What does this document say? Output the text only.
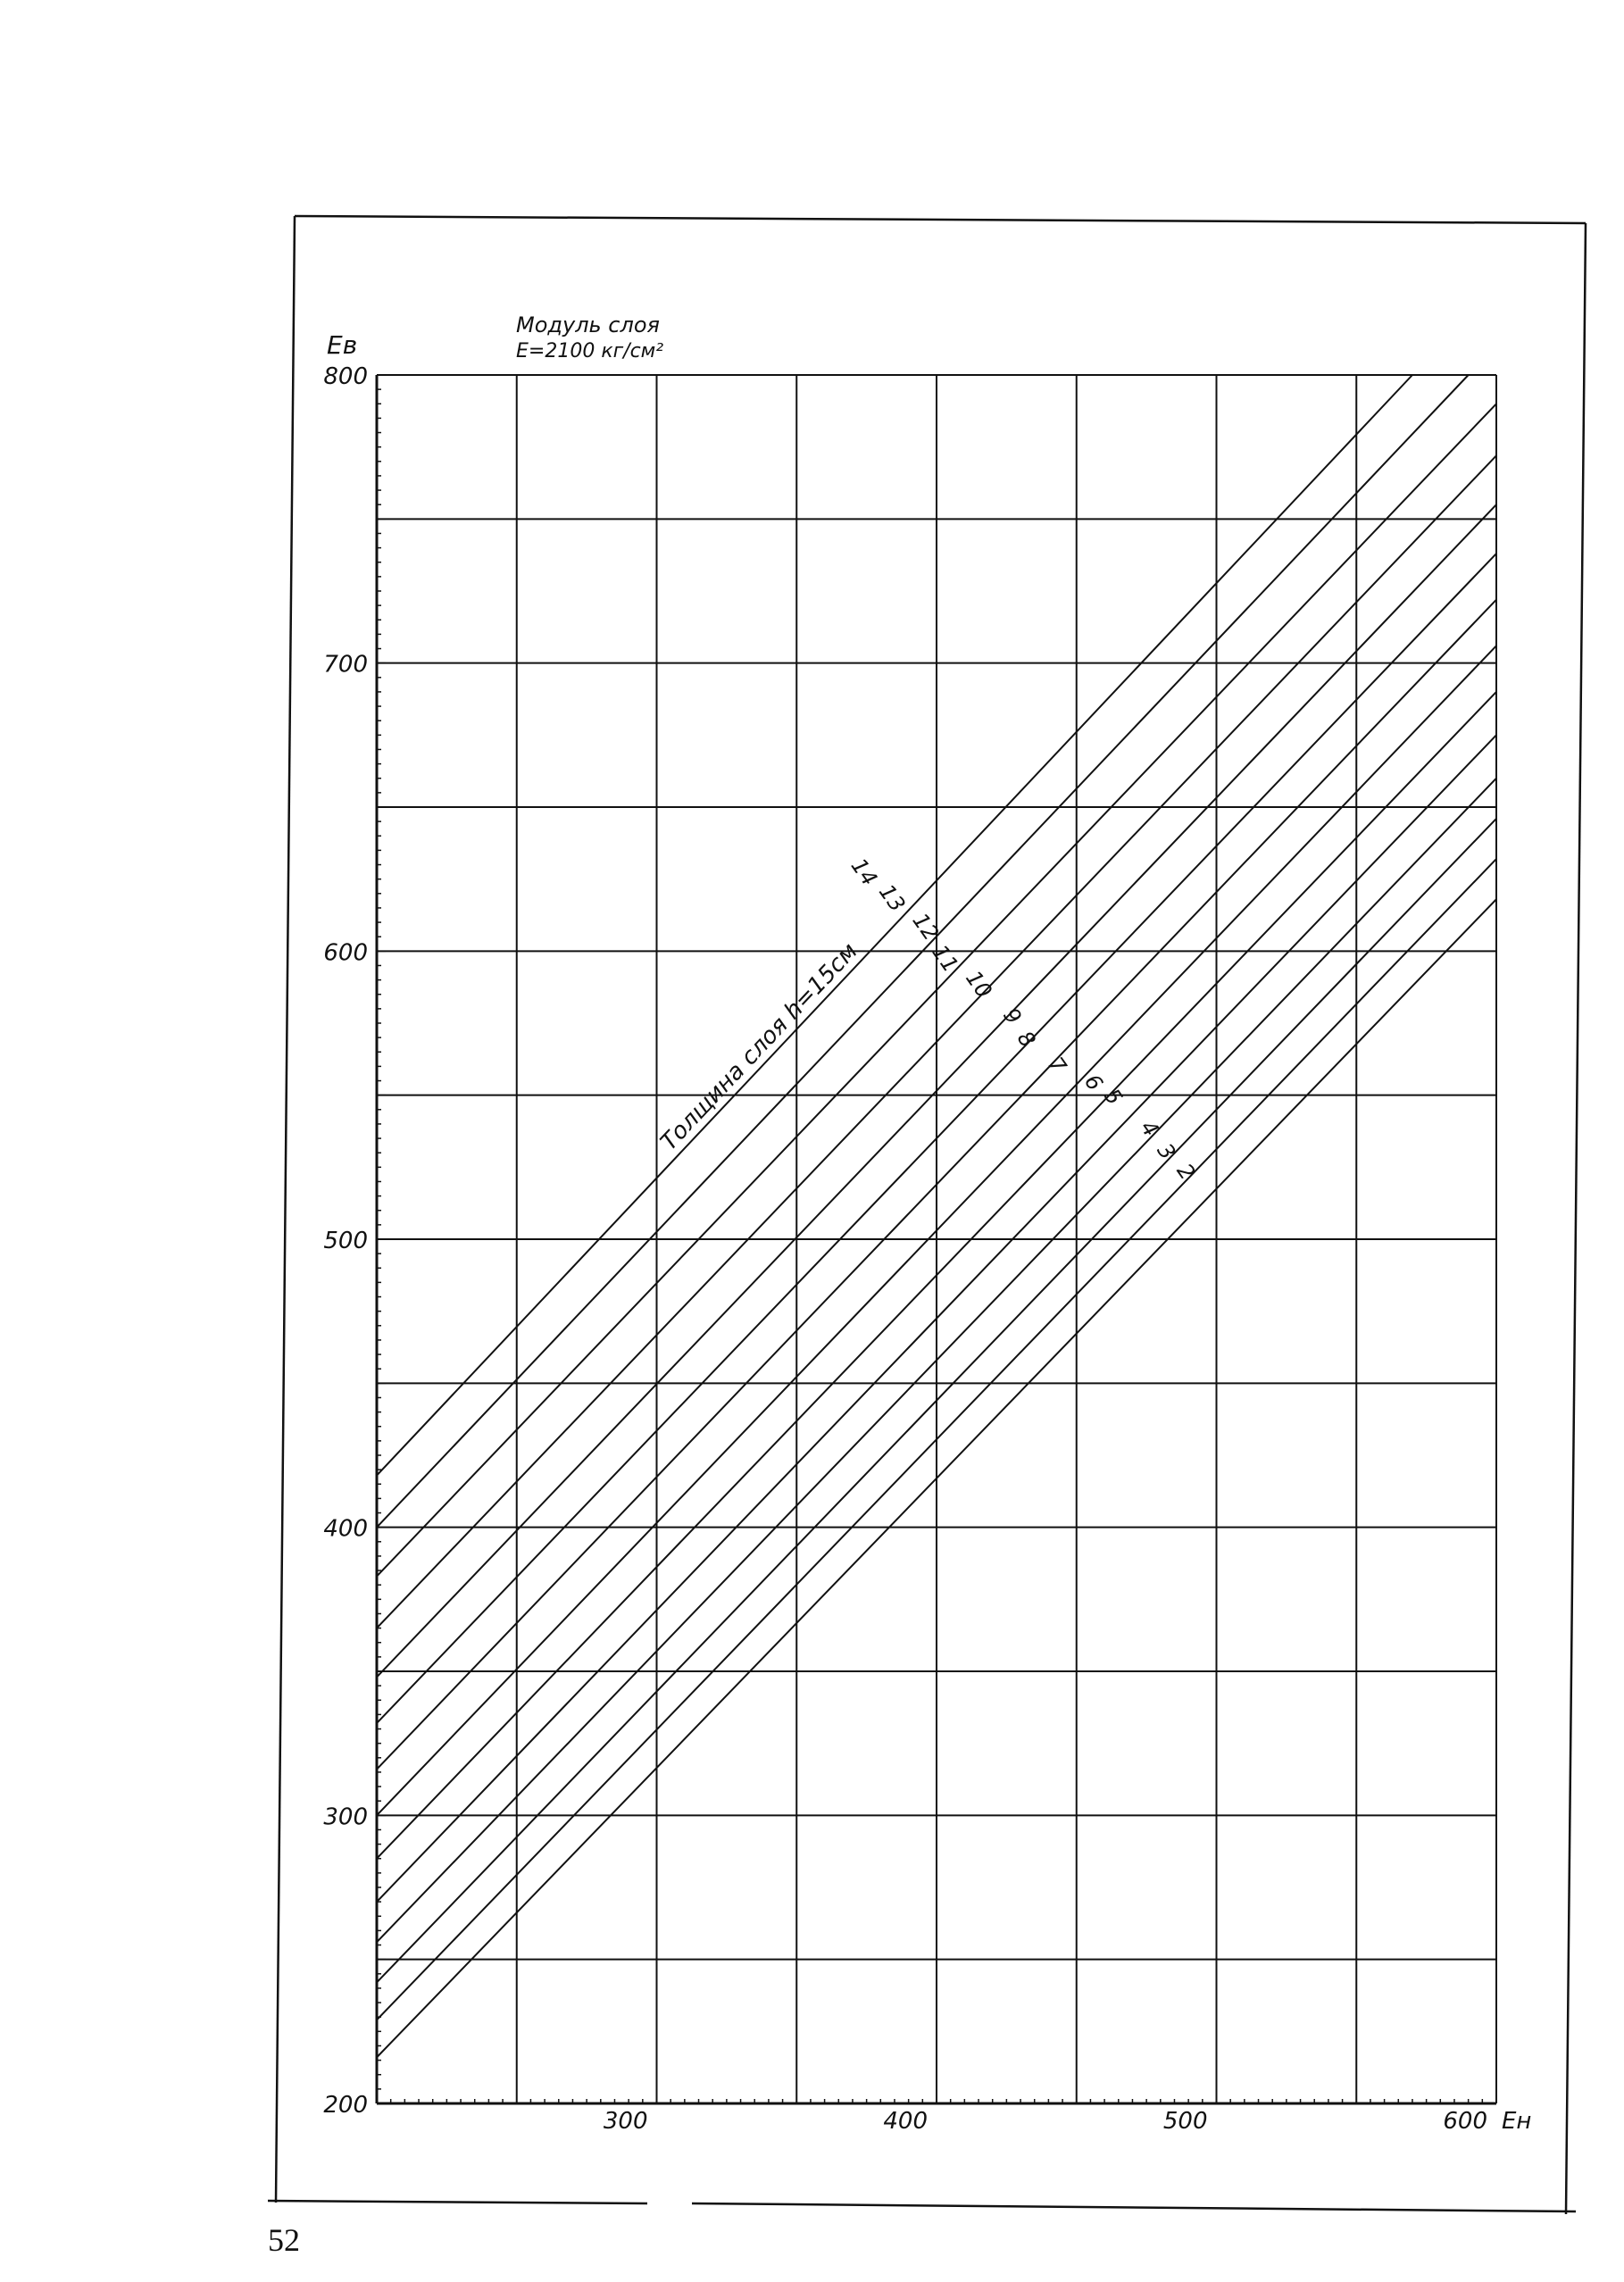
200
300
400
500
600
700
800
300	400	500	600
14
13
12
11
10
9
8
7
6
5
4
3
2
Модуль слоя
Е=2100 кг/см²
Ев
Ен
Толщина слоя h=15см
52
